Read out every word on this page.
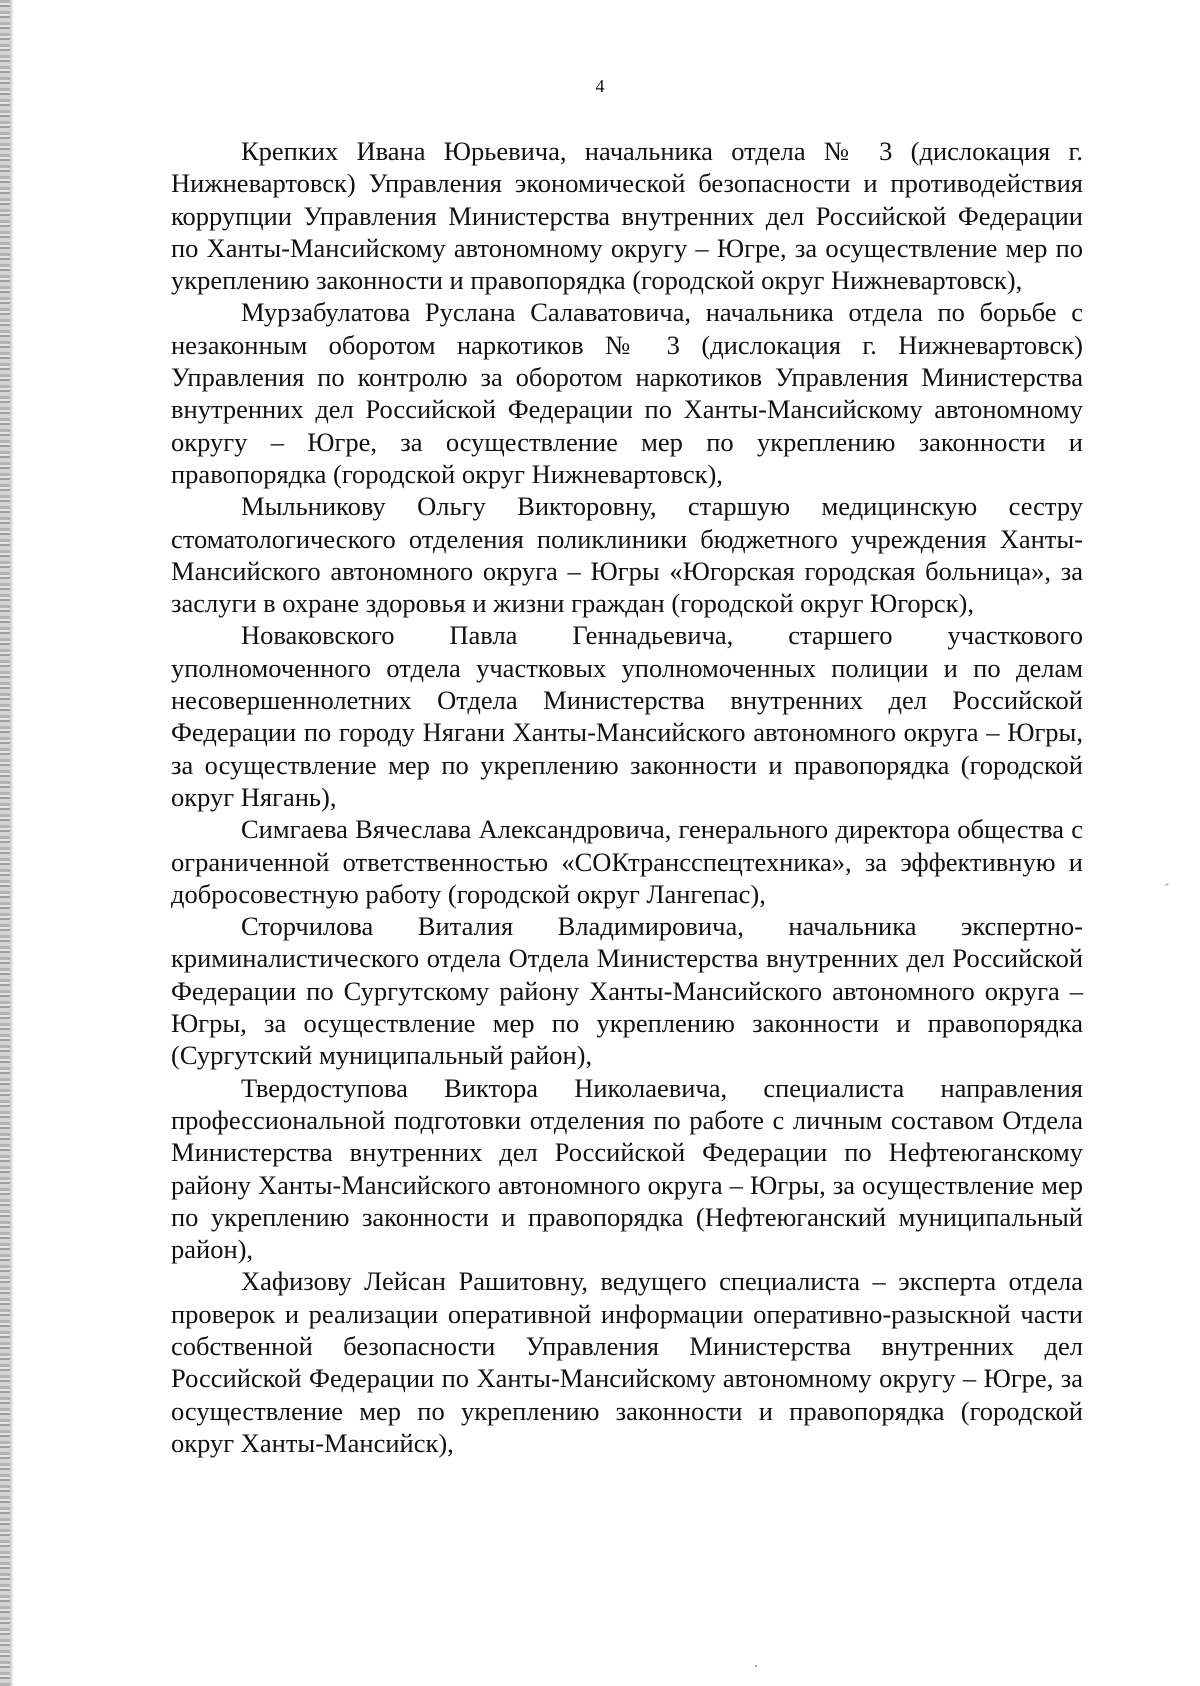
4

Крепких Ивана Юрьевича, начальника отдела № 3 (дислокация г. Нижневартовск) Управления экономической безопасности и противодействия коррупции Управления Министерства внутренних дел Российской Федерации по Ханты-Мансийскому автономному округу – Югре, за осуществление мер по укреплению законности и правопорядка (городской округ Нижневартовск),

Мурзабулатова Руслана Салаватовича, начальника отдела по борьбе с незаконным оборотом наркотиков № 3 (дислокация г. Нижневартовск) Управления по контролю за оборотом наркотиков Управления Министерства внутренних дел Российской Федерации по Ханты-Мансийскому автономному округу – Югре, за осуществление мер по укреплению законности и правопорядка (городской округ Нижневартовск),

Мыльникову Ольгу Викторовну, старшую медицинскую сестру стоматологического отделения поликлиники бюджетного учреждения Ханты-Мансийского автономного округа – Югры «Югорская городская больница», за заслуги в охране здоровья и жизни граждан (городской округ Югорск),

Новаковского Павла Геннадьевича, старшего участкового уполномоченного отдела участковых уполномоченных полиции и по делам несовершеннолетних Отдела Министерства внутренних дел Российской Федерации по городу Нягани Ханты-Мансийского автономного округа – Югры, за осуществление мер по укреплению законности и правопорядка (городской округ Нягань),

Симгаева Вячеслава Александровича, генерального директора общества с ограниченной ответственностью «СОКтрансспецтехника», за эффективную и добросовестную работу (городской округ Лангепас),

Сторчилова Виталия Владимировича, начальника экспертно-криминалистического отдела Отдела Министерства внутренних дел Российской Федерации по Сургутскому району Ханты-Мансийского автономного округа – Югры, за осуществление мер по укреплению законности и правопорядка (Сургутский муниципальный район),

Твердоступова Виктора Николаевича, специалиста направления профессиональной подготовки отделения по работе с личным составом Отдела Министерства внутренних дел Российской Федерации по Нефтеюганскому району Ханты-Мансийского автономного округа – Югры, за осуществление мер по укреплению законности и правопорядка (Нефтеюганский муниципальный район),

Хафизову Лейсан Рашитовну, ведущего специалиста – эксперта отдела проверок и реализации оперативной информации оперативно-разыскной части собственной безопасности Управления Министерства внутренних дел Российской Федерации по Ханты-Мансийскому автономному округу – Югре, за осуществление мер по укреплению законности и правопорядка (городской округ Ханты-Мансийск),
